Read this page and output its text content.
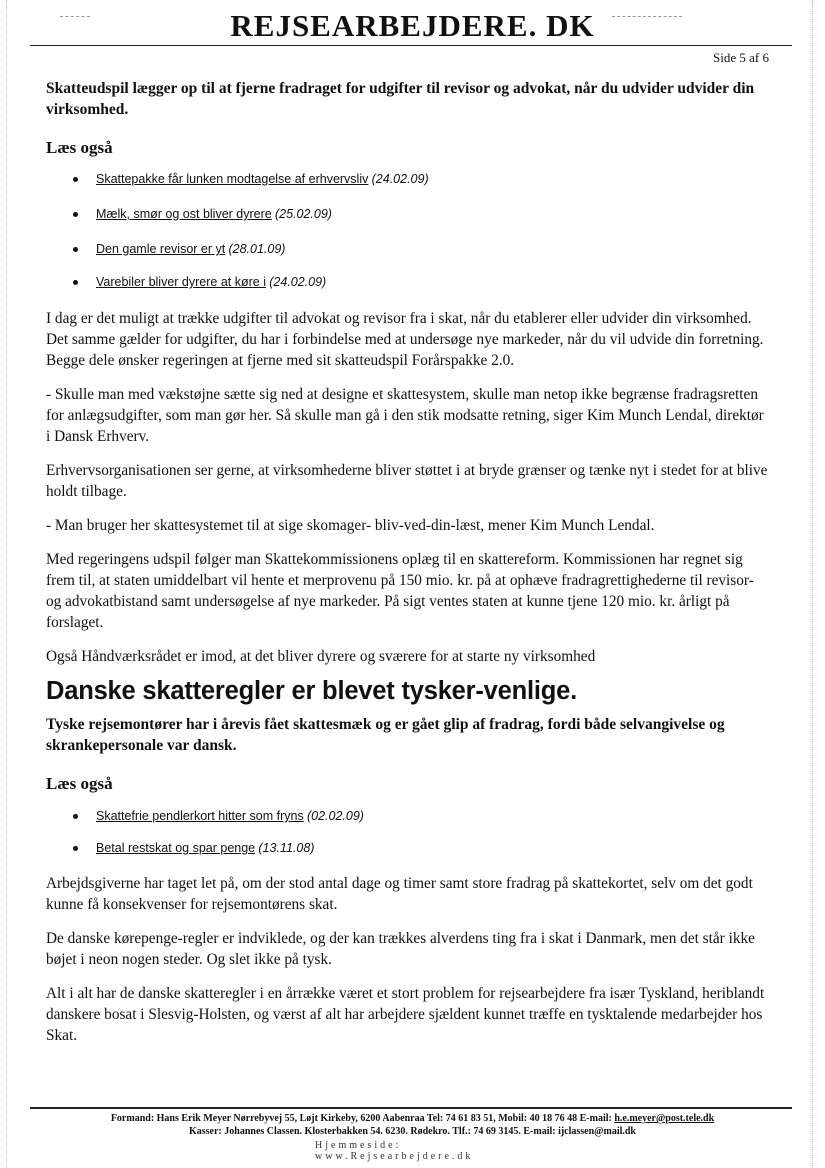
REJSEARBEJDERE. DK
Side 5 af 6

Skatteudspil lægger op til at fjerne fradraget for udgifter til revisor og advokat, når du udvider udvider din virksomhed.

Læs også

Skattepakke får lunken modtagelse af erhvervsliv (24.02.09)
Mælk, smør og ost bliver dyrere (25.02.09)
Den gamle revisor er yt (28.01.09)
Varebiler bliver dyrere at køre i (24.02.09)

I dag er det muligt at trække udgifter til advokat og revisor fra i skat, når du etablerer eller udvider din virksomhed. Det samme gælder for udgifter, du har i forbindelse med at undersøge nye markeder, når du vil udvide din forretning. Begge dele ønsker regeringen at fjerne med sit skatteudspil Forårspakke 2.0.

- Skulle man med vækstøjne sætte sig ned at designe et skattesystem, skulle man netop ikke begrænse fradragsretten for anlægsudgifter, som man gør her. Så skulle man gå i den stik modsatte retning, siger Kim Munch Lendal, direktør i Dansk Erhverv.

Erhvervsorganisationen ser gerne, at virksomhederne bliver støttet i at bryde grænser og tænke nyt i stedet for at blive holdt tilbage.

- Man bruger her skattesystemet til at sige skomager- bliv-ved-din-læst, mener Kim Munch Lendal.

Med regeringens udspil følger man Skattekommissionens oplæg til en skattereform. Kommissionen har regnet sig frem til, at staten umiddelbart vil hente et merprovenu på 150 mio. kr. på at ophæve fradragrettighederne til revisor- og advokatbistand samt undersøgelse af nye markeder. På sigt ventes staten at kunne tjene 120 mio. kr. årligt på forslaget.

Også Håndværksrådet er imod, at det bliver dyrere og sværere for at starte ny virksomhed

Danske skatteregler er blevet tysker-venlige.

Tyske rejsemontører har i årevis fået skattesmæk og er gået glip af fradrag, fordi både selvangivelse og skrankepersonale var dansk.

Læs også

Skattefrie pendlerkort hitter som fryns (02.02.09)
Betal restskat og spar penge (13.11.08)

Arbejdsgiverne har taget let på, om der stod antal dage og timer samt store fradrag på skattekortet, selv om det godt kunne få konsekvenser for rejsemontørens skat.

De danske kørepenge-regler er indviklede, og der kan trækkes alverdens ting fra i skat i Danmark, men det står ikke bøjet i neon nogen steder. Og slet ikke på tysk.

Alt i alt har de danske skatteregler i en årrække været et stort problem for rejsearbejdere fra især Tyskland, heriblandt danskere bosat i Slesvig-Holsten, og værst af alt har arbejdere sjældent kunnet træffe en tysktalende medarbejder hos Skat.

Formand: Hans Erik Meyer Nørrebyvej 55, Løjt Kirkeby, 6200 Aabenraa Tel: 74 61 83 51, Mobil: 40 18 76 48 E-mail: h.e.meyer@post.tele.dk
Kasser: Johannes Classen. Klosterbakken 54. 6230. Rødekro. Tlf.: 74 69 3145. E-mail: ijclassen@mail.dk
Hjemmeside: www.Rejsearbejdere.dk
